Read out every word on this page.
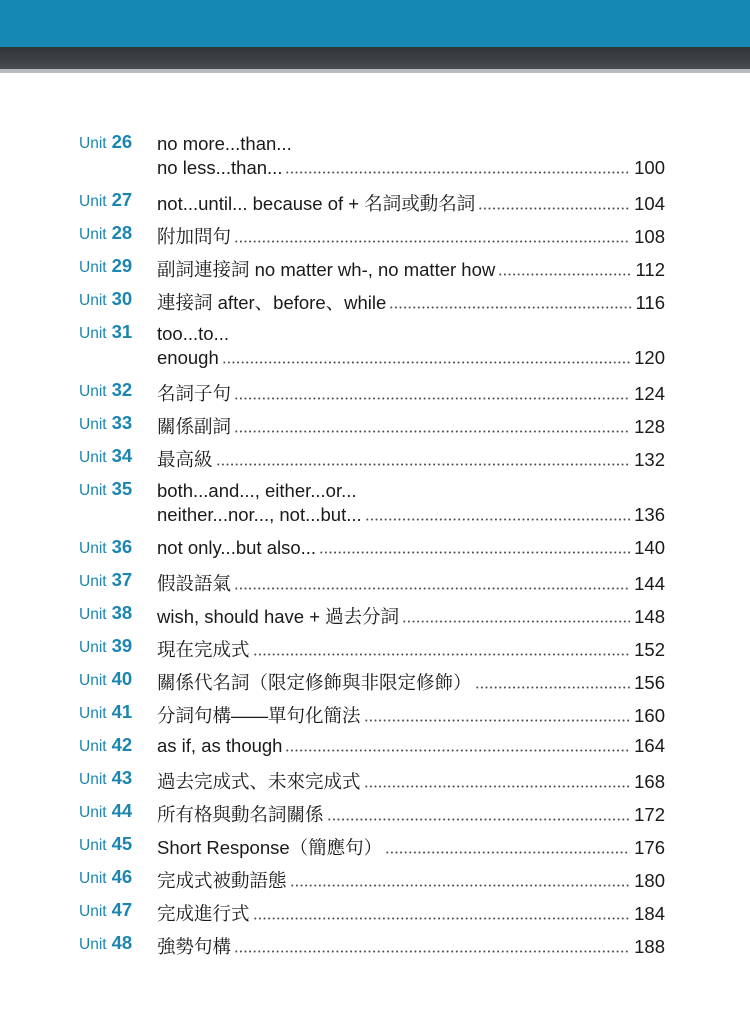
Unit 26 no more...than...
no less...than...	100
Unit 27 not...until... because of + 名詞或動名詞	104
Unit 28 附加問句	108
Unit 29 副詞連接詞 no matter wh-, no matter how	112
Unit 30 連接詞 after、before、while	116
Unit 31 too...to...
enough	120
Unit 32 名詞子句	124
Unit 33 關係副詞	128
Unit 34 最高級	132
Unit 35 both...and..., either...or...
neither...nor..., not...but...	136
Unit 36 not only...but also...	140
Unit 37 假設語氣	144
Unit 38 wish, should have + 過去分詞	148
Unit 39 現在完成式	152
Unit 40 關係代名詞（限定修飾與非限定修飾）	156
Unit 41 分詞句構——單句化簡法	160
Unit 42 as if, as though	164
Unit 43 過去完成式、未來完成式	168
Unit 44 所有格與動名詞關係	172
Unit 45 Short Response（簡應句）	176
Unit 46 完成式被動語態	180
Unit 47 完成進行式	184
Unit 48 強勢句構	188
